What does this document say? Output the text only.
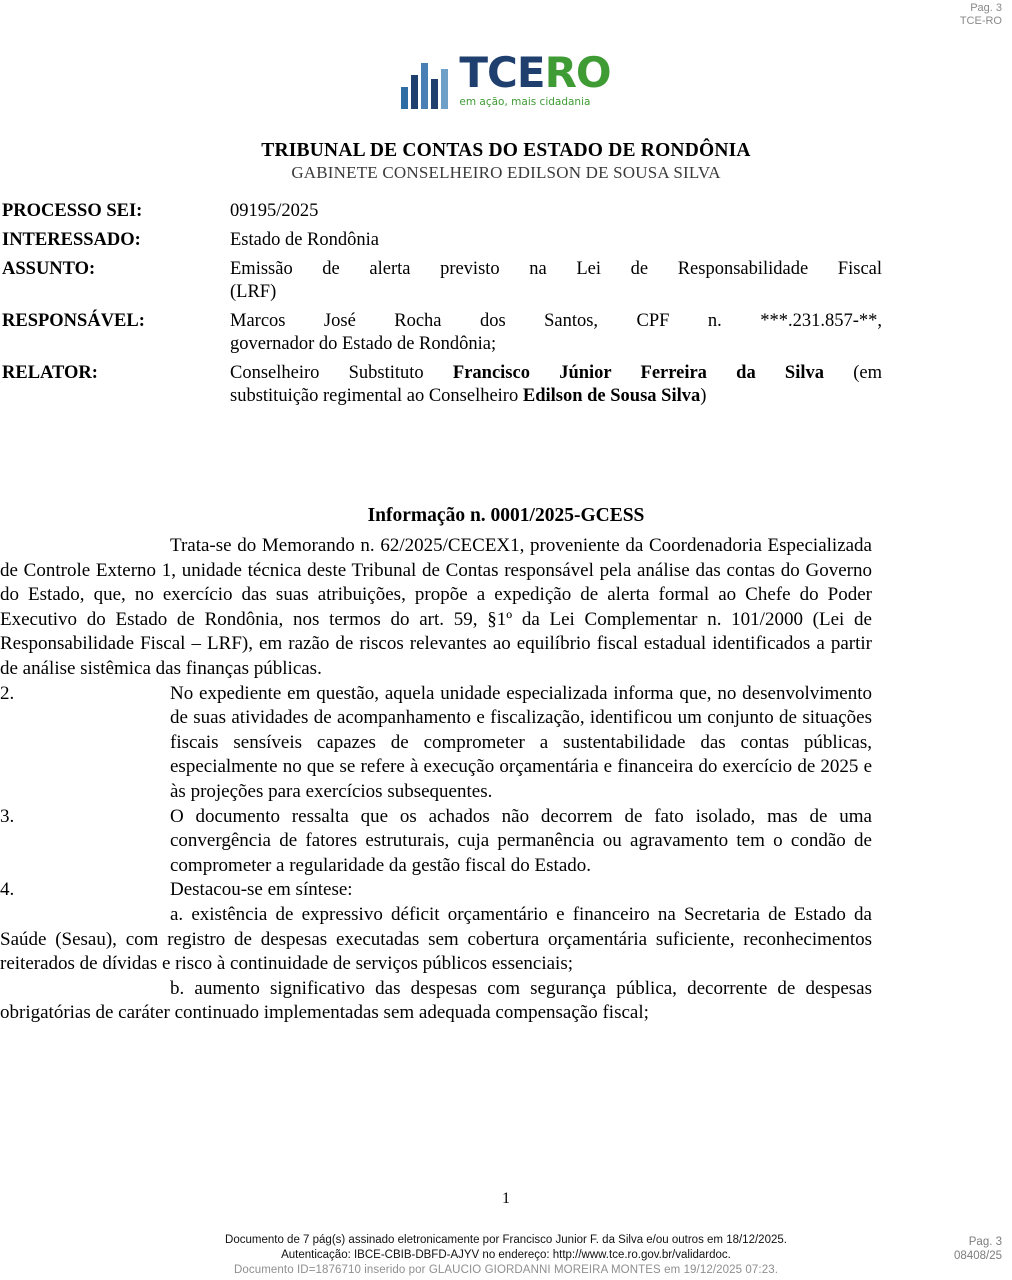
Pag. 3
TCE-RO
TCERO
em ação, mais cidadania
TRIBUNAL DE CONTAS DO ESTADO DE RONDÔNIA
GABINETE CONSELHEIRO EDILSON DE SOUSA SILVA
PROCESSO SEI:	09195/2025
INTERESSADO:	Estado de Rondônia
ASSUNTO:	Emissão de alerta previsto na Lei de Responsabilidade Fiscal
(LRF)
RESPONSÁVEL:	Marcos José Rocha dos Santos, CPF n. ***.231.857-**,
governador do Estado de Rondônia;
RELATOR:	Conselheiro Substituto Francisco Júnior Ferreira da Silva (em
substituição regimental ao Conselheiro Edilson de Sousa Silva)
Informação n. 0001/2025-GCESS

Trata-se do Memorando n. 62/2025/CECEX1, proveniente da Coordenadoria Especializada de Controle Externo 1, unidade técnica deste Tribunal de Contas responsável pela análise das contas do Governo do Estado, que, no exercício das suas atribuições, propõe a expedição de alerta formal ao Chefe do Poder Executivo do Estado de Rondônia, nos termos do art. 59, §1º da Lei Complementar n. 101/2000 (Lei de Responsabilidade Fiscal – LRF), em razão de riscos relevantes ao equilíbrio fiscal estadual identificados a partir de análise sistêmica das finanças públicas.

2.	No expediente em questão, aquela unidade especializada informa que, no desenvolvimento de suas atividades de acompanhamento e fiscalização, identificou um conjunto de situações fiscais sensíveis capazes de comprometer a sustentabilidade das contas públicas, especialmente no que se refere à execução orçamentária e financeira do exercício de 2025 e às projeções para exercícios subsequentes.
3.	O documento ressalta que os achados não decorrem de fato isolado, mas de uma convergência de fatores estruturais, cuja permanência ou agravamento tem o condão de comprometer a regularidade da gestão fiscal do Estado.
4.	Destacou-se em síntese:

a. existência de expressivo déficit orçamentário e financeiro na Secretaria de Estado da Saúde (Sesau), com registro de despesas executadas sem cobertura orçamentária suficiente, reconhecimentos reiterados de dívidas e risco à continuidade de serviços públicos essenciais;

b. aumento significativo das despesas com segurança pública, decorrente de despesas obrigatórias de caráter continuado implementadas sem adequada compensação fiscal;

1
Documento de 7 pág(s) assinado eletronicamente por Francisco Junior F. da Silva e/ou outros em 18/12/2025.
Autenticação: IBCE-CBIB-DBFD-AJYV no endereço: http://www.tce.ro.gov.br/validardoc.
Documento ID=1876710 inserido por GLAUCIO GIORDANNI MOREIRA MONTES em 19/12/2025 07:23.
Pag. 3
08408/25
